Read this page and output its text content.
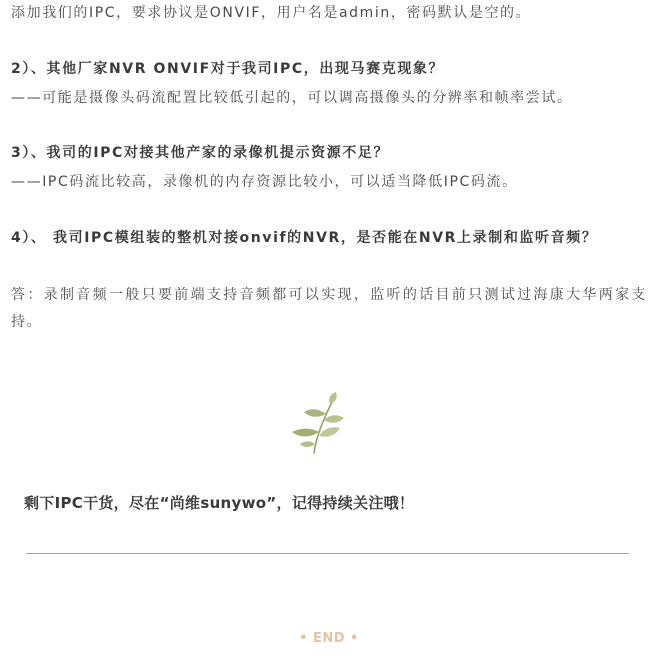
添加我们的IPC，要求协议是ONVIF，用户名是admin，密码默认是空的。
2）、其他厂家NVR ONVIF对于我司IPC，出现马赛克现象？
——可能是摄像头码流配置比较低引起的，可以调高摄像头的分辨率和帧率尝试。
3）、我司的IPC对接其他产家的录像机提示资源不足？
——IPC码流比较高，录像机的内存资源比较小，可以适当降低IPC码流。
4）、 我司IPC模组装的整机对接onvif的NVR，是否能在NVR上录制和监听音频？
答：录制音频一般只要前端支持音频都可以实现，监听的话目前只测试过海康大华两家支持。
剩下IPC干货，尽在“尚维sunywo”，记得持续关注哦！
• END •
